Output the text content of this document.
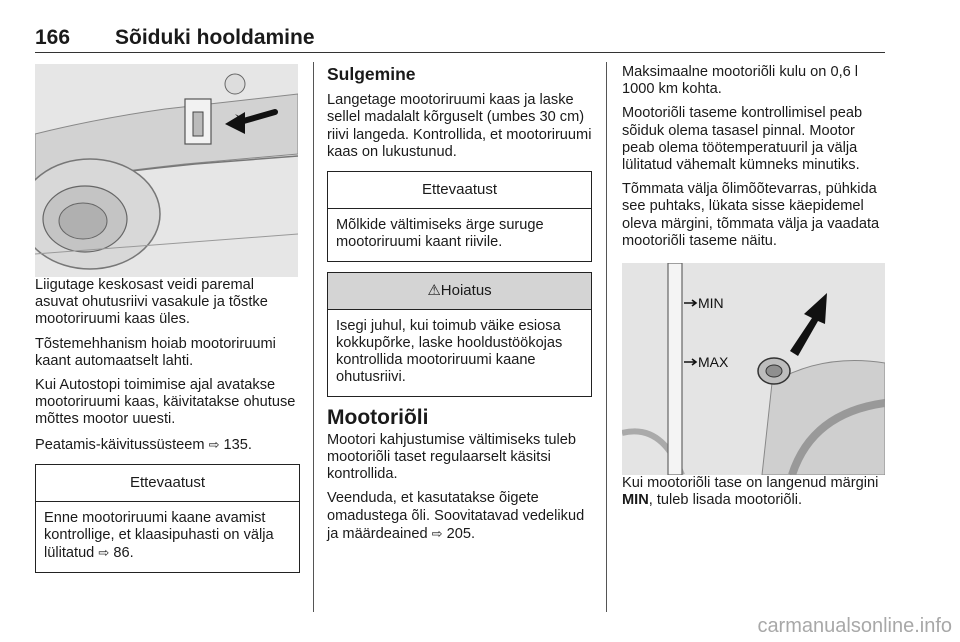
166 Sõiduki hooldamine

Liigutage keskosast veidi paremal asuvat ohutusriivi vasakule ja tõstke mootoriruumi kaas üles.

Tõstemehhanism hoiab mootoriruumi kaant automaatselt lahti.

Kui Autostopi toimimise ajal avatakse mootoriruumi kaas, käivitatakse ohutuse mõttes mootor uuesti.

Peatamis-käivitussüsteem ⇨ 135.

Ettevaatust
Enne mootoriruumi kaane avamist kontrollige, et klaasipuhasti on välja lülitatud ⇨ 86.
Sulgemine

Langetage mootoriruumi kaas ja laske sellel madalalt kõrguselt (umbes 30 cm) riivi langeda. Kontrollida, et mootoriruumi kaas on lukustunud.

Ettevaatust
Mõlkide vältimiseks ärge suruge mootoriruumi kaant riivile.
⚠Hoiatus
Isegi juhul, kui toimub väike esiosa kokkupõrke, laske hooldustöökojas kontrollida mootoriruumi kaane ohutusriivi.
Mootoriõli

Mootori kahjustumise vältimiseks tuleb mootoriõli taset regulaarselt käsitsi kontrollida.

Veenduda, et kasutatakse õigete omadustega õli. Soovitatavad vedelikud ja määrdeained ⇨ 205.

Maksimaalne mootoriõli kulu on 0,6 l 1000 km kohta.

Mootoriõli taseme kontrollimisel peab sõiduk olema tasasel pinnal. Mootor peab olema töötemperatuuril ja välja lülitatud vähemalt kümneks minutiks.

Tõmmata välja õlimõõtevarras, pühkida see puhtaks, lükata sisse käepidemel oleva märgini, tõmmata välja ja vaadata mootoriõli taseme näitu.

MIN
MAX

Kui mootoriõli tase on langenud märgini MIN, tuleb lisada mootoriõli.

carmanualsonline.info
